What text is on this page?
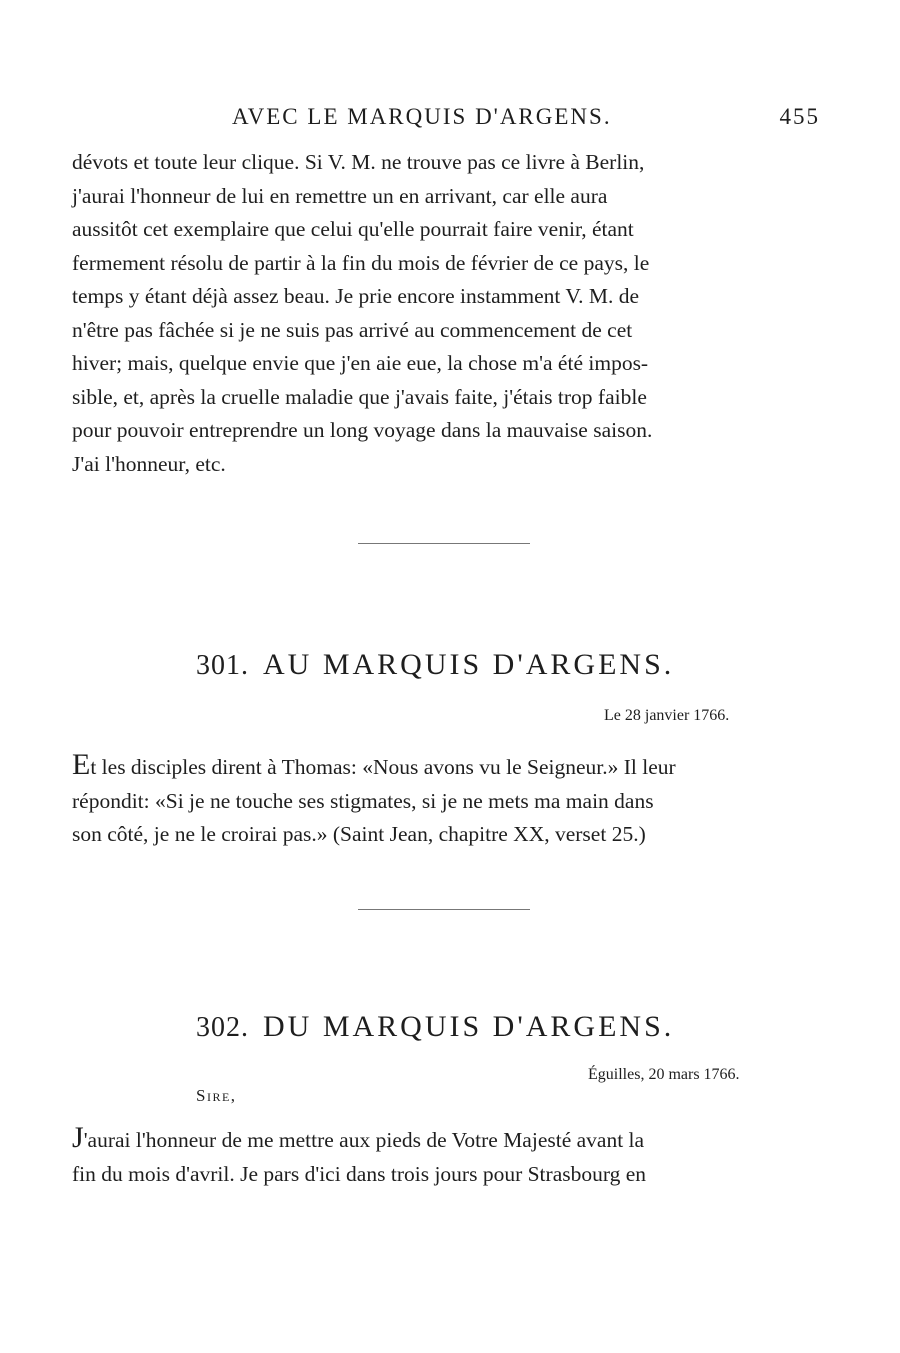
AVEC LE MARQUIS D'ARGENS.	455

dévots et toute leur clique. Si V. M. ne trouve pas ce livre à Berlin,

j'aurai l'honneur de lui en remettre un en arrivant, car elle aura

aussitôt cet exemplaire que celui qu'elle pourrait faire venir, étant

fermement résolu de partir à la fin du mois de février de ce pays, le

temps y étant déjà assez beau. Je prie encore instamment V. M. de

n'être pas fâchée si je ne suis pas arrivé au commencement de cet

hiver; mais, quelque envie que j'en aie eue, la chose m'a été impos-

sible, et, après la cruelle maladie que j'avais faite, j'étais trop faible

pour pouvoir entreprendre un long voyage dans la mauvaise saison.

J'ai l'honneur, etc.

301. AU MARQUIS D'ARGENS.
Le 28 janvier 1766.

Et les disciples dirent à Thomas: «Nous avons vu le Seigneur.» Il leur

répondit: «Si je ne touche ses stigmates, si je ne mets ma main dans

son côté, je ne le croirai pas.» (Saint Jean, chapitre XX, verset 25.)

302. DU MARQUIS D'ARGENS.
Éguilles, 20 mars 1766.
Sire,

J'aurai l'honneur de me mettre aux pieds de Votre Majesté avant la

fin du mois d'avril. Je pars d'ici dans trois jours pour Strasbourg en
